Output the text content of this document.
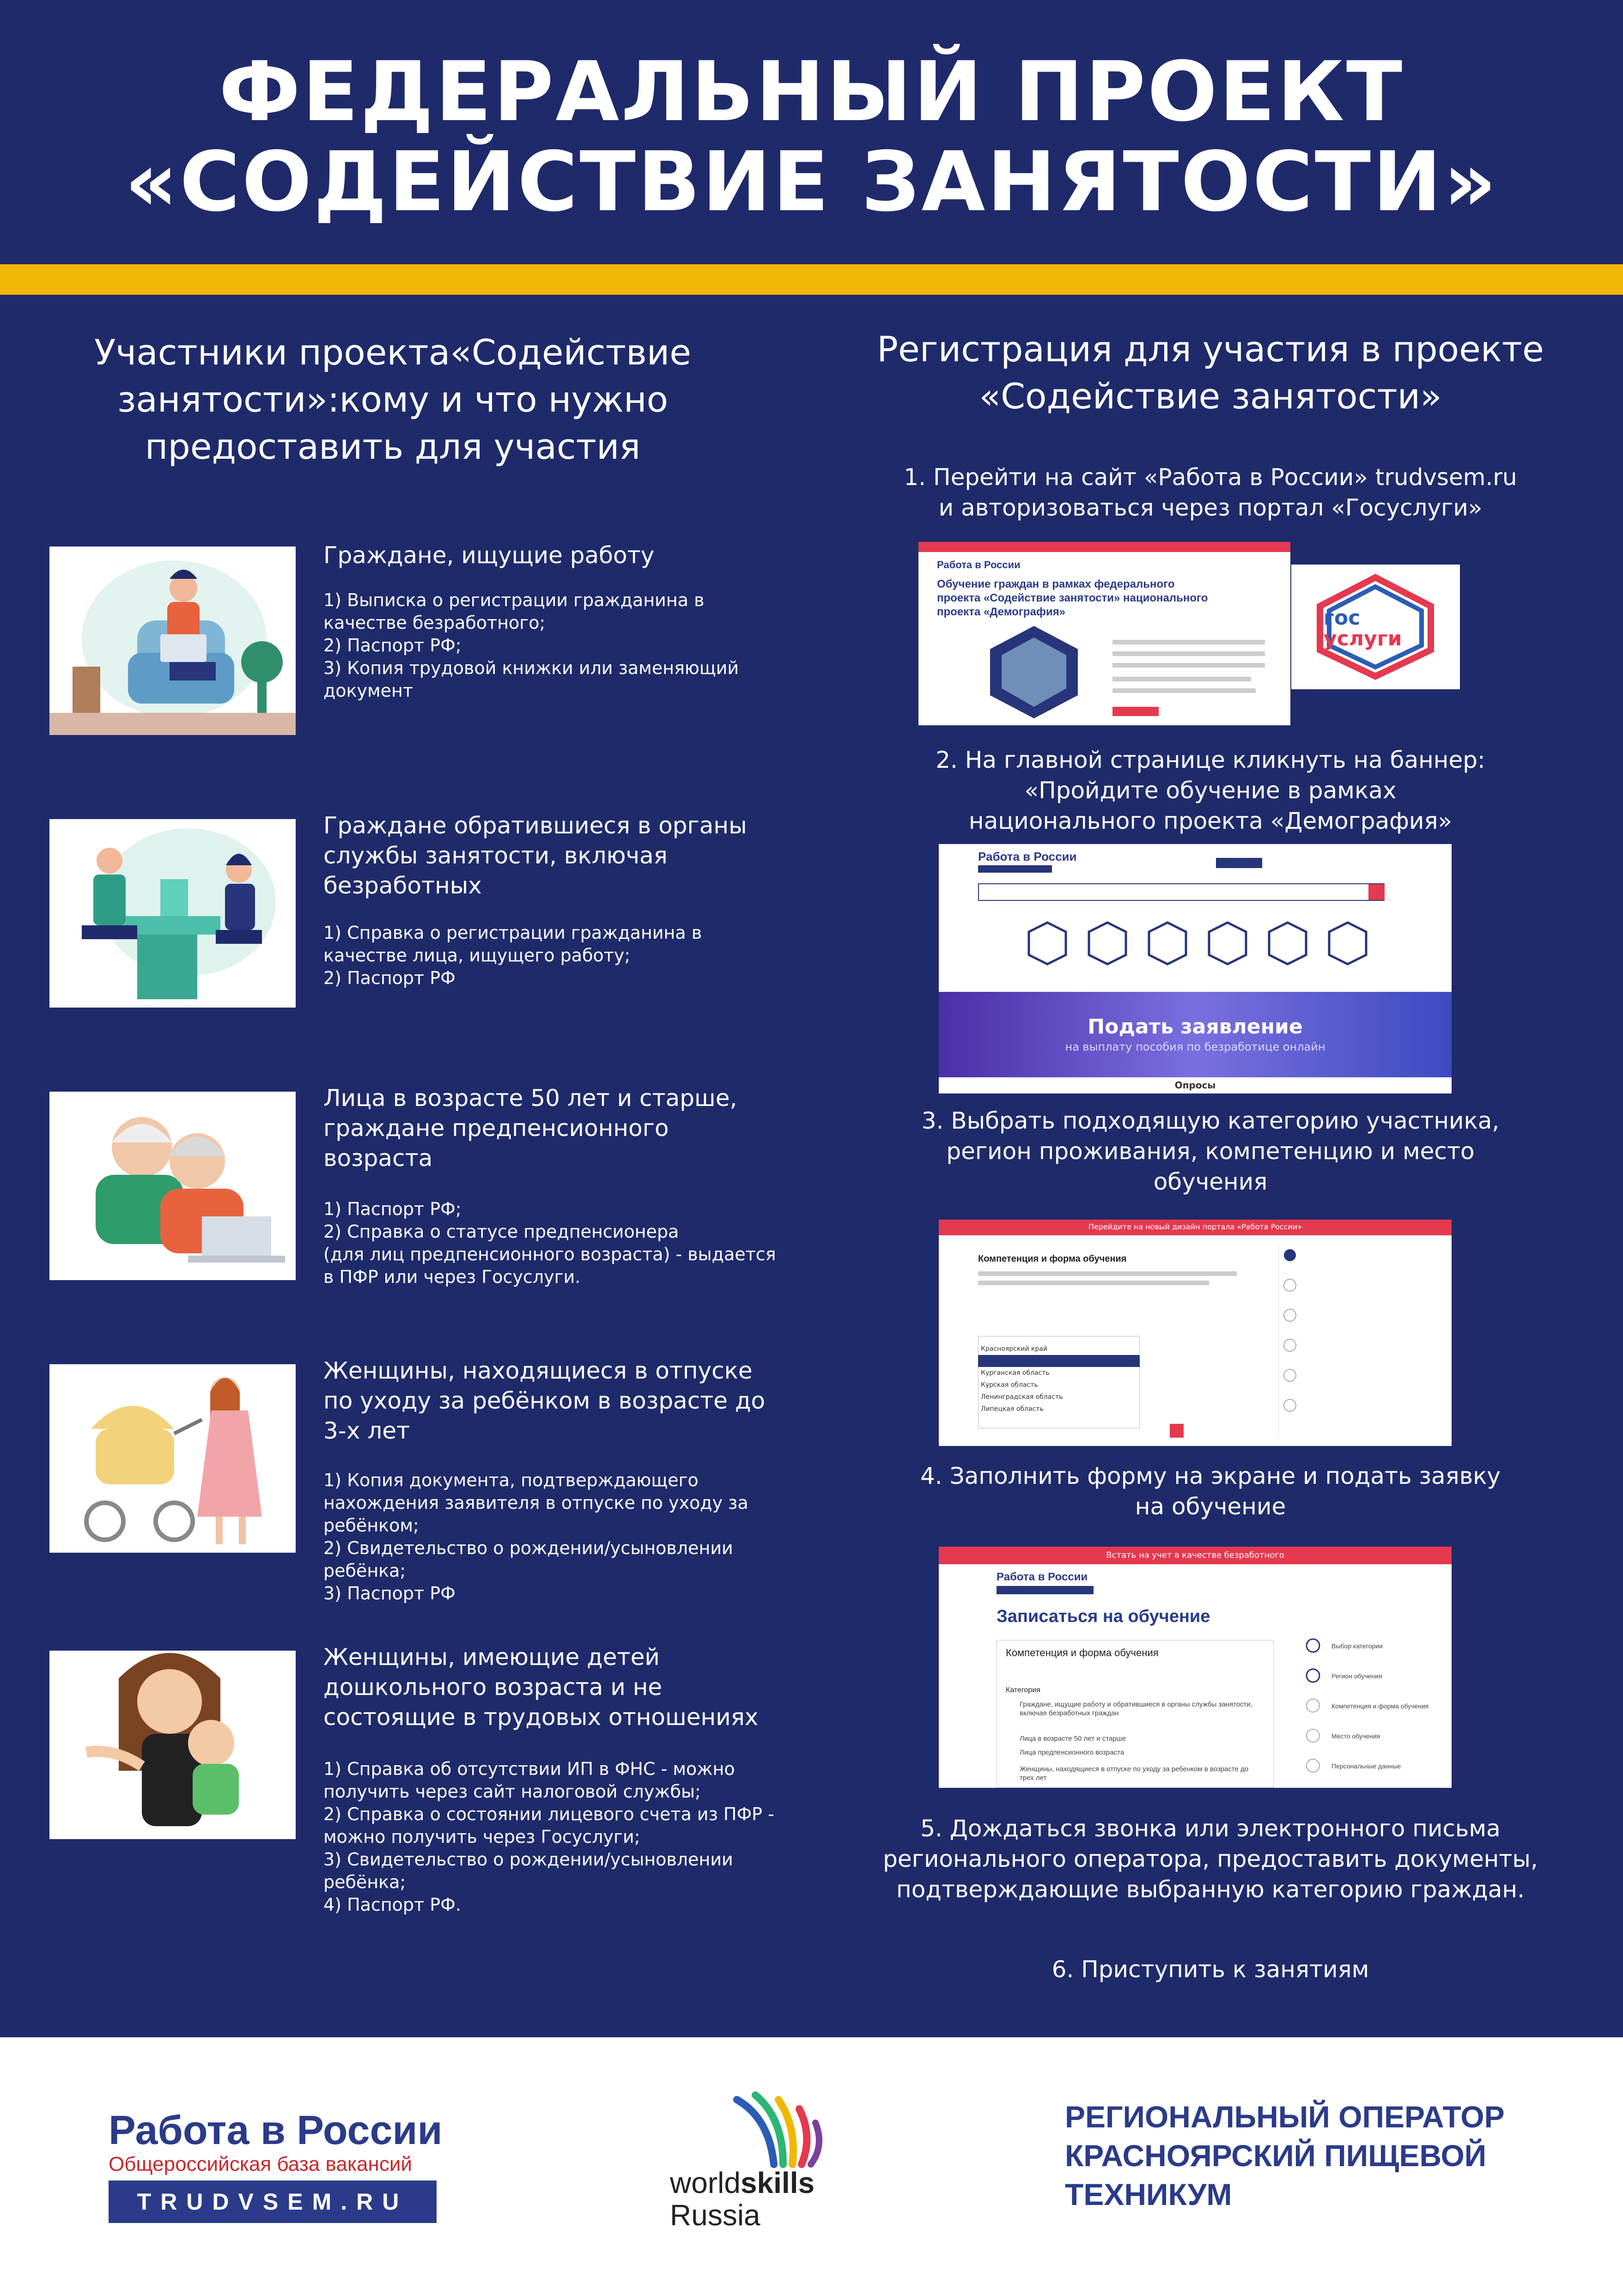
ФЕДЕРАЛЬНЫЙ ПРОЕКТ
«СОДЕЙСТВИЕ ЗАНЯТОСТИ»
Участники проекта«Содействие занятости»:кому и что нужно предоставить для участия
Регистрация для участия в проекте «Содействие занятости»
Граждане, ищущие работу
1) Выписка о регистрации гражданина в качестве безработного;
2) Паспорт РФ;
3) Копия трудовой книжки или заменяющий документ
Граждане обратившиеся в органы службы занятости, включая безработных
1) Справка о регистрации гражданина в качестве лица, ищущего работу;
2) Паспорт РФ
Лица в возрасте 50 лет и старше, граждане предпенсионного возраста
1) Паспорт РФ;
2) Справка о статусе предпенсионера
(для лиц предпенсионного возраста) - выдается в ПФР или через Госуслуги.
Женщины, находящиеся в отпуске по уходу за ребёнком в возрасте до 3-х лет
1) Копия документа, подтверждающего нахождения заявителя в отпуске по уходу за ребёнком;
2) Свидетельство о рождении/усыновлении ребёнка;
3) Паспорт РФ
Женщины, имеющие детей дошкольного возраста и не состоящие в трудовых отношениях
1) Справка об отсутствии ИП в ФНС - можно получить через сайт налоговой службы;
2) Справка о состоянии лицевого счета из ПФР - можно получить через Госуслуги;
3) Свидетельство о рождении/усыновлении ребёнка;
4) Паспорт РФ.
1. Перейти на сайт «Работа в России» trudvsem.ru
и авторизоваться через портал «Госуслуги»
Работа в России
Обучение граждан в рамках федерального проекта «Содействие занятости» национального проекта «Демография»	гос
услуги
2. На главной странице кликнуть на баннер:
«Пройдите обучение в рамках
национального проекта «Демография»
Работа в России
Подать заявление
на выплату пособия по безработице онлайн
Опросы
3. Выбрать подходящую категорию участника,
регион проживания, компетенцию и место
обучения
Перейдите на новый дизайн портала «Работа России»
Компетенция и форма обучения
Красноярский край
Курганская область
Курская область
Ленинградская область
Липецкая область
4. Заполнить форму на экране и подать заявку
на обучение
Встать на учет в качестве безработного
Работа в России
Записаться на обучение
Компетенция и форма обучения
Категория
Граждане, ищущие работу и обратившиеся в органы службы занятости, включая безработных граждан
Лица в возрасте 50 лет и старше
Лица предпенсионного возраста
Женщины, находящиеся в отпуске по уходу за ребенком в возрасте до трех лет
Выбор категории
Регион обучения
Компетенция и форма обучения
Место обучения
Персональные данные
5. Дождаться звонка или электронного письма
регионального оператора, предоставить документы,
подтверждающие выбранную категорию граждан.
6. Приступить к занятиям
Работа в России
Общероссийская база вакансий
TRUDVSEM.RU
worldskills
Russia
РЕГИОНАЛЬНЫЙ ОПЕРАТОР КРАСНОЯРСКИЙ ПИЩЕВОЙ ТЕХНИКУМ
